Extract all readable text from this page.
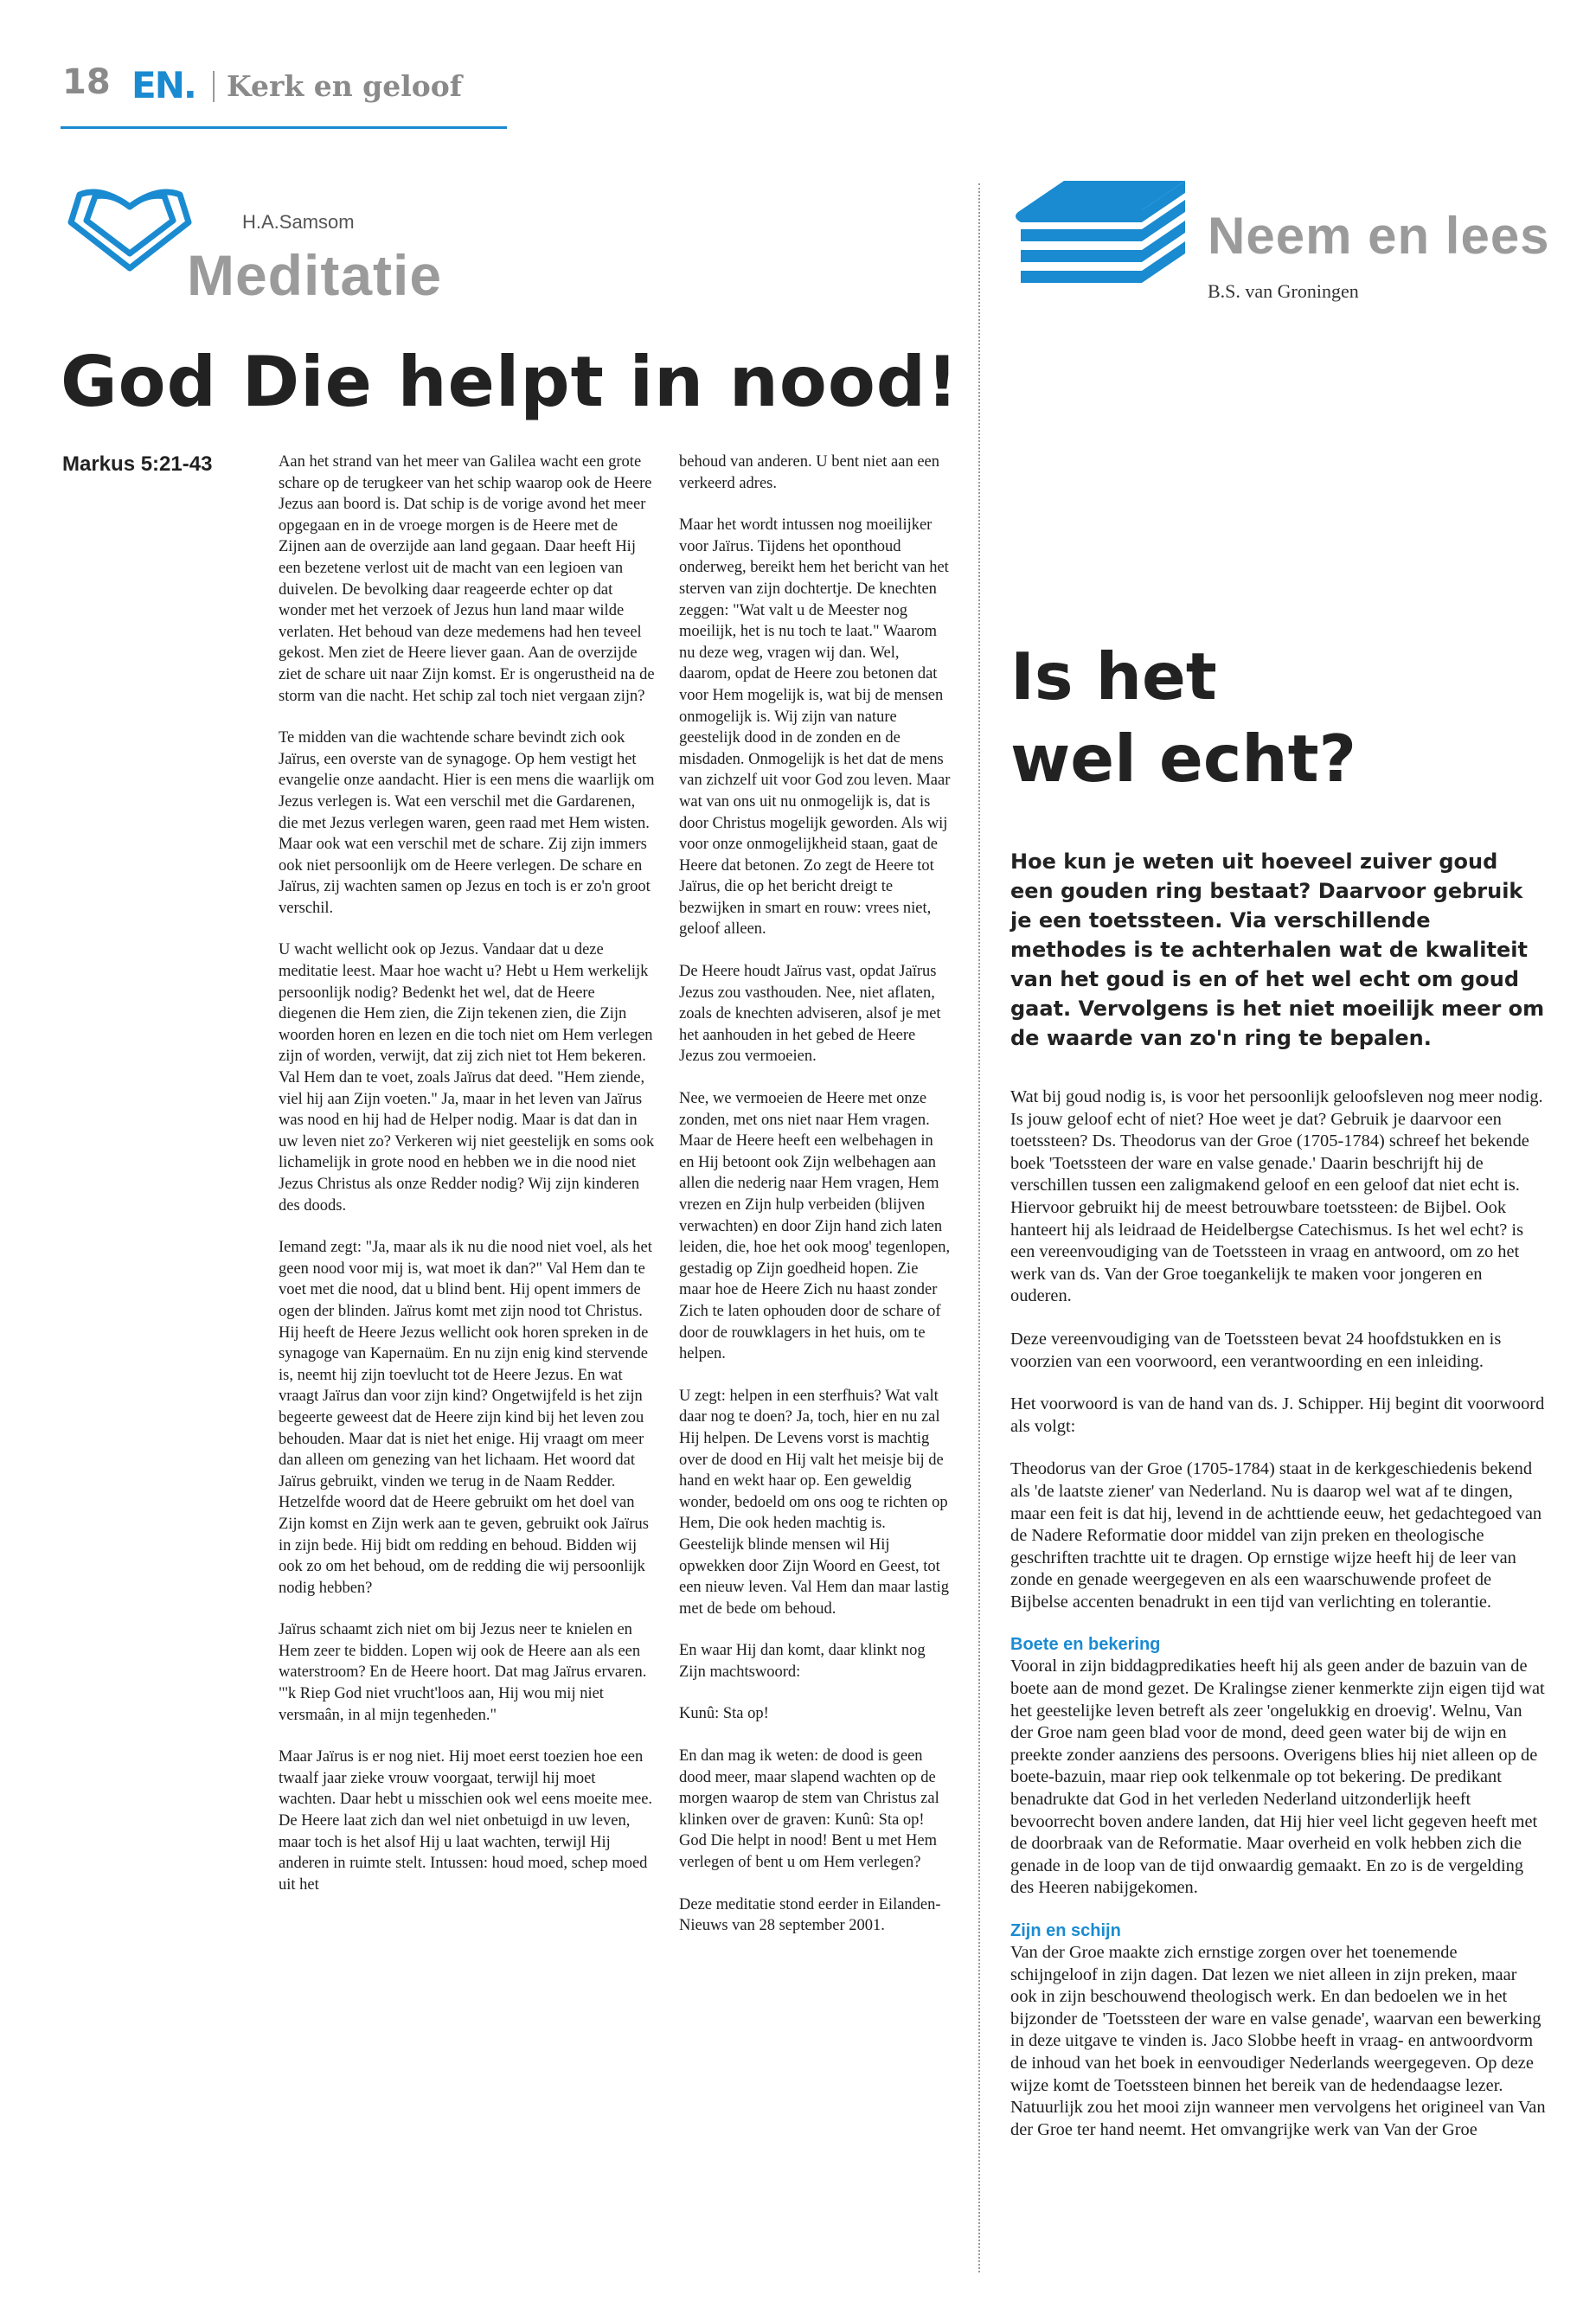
18 EN. Kerk en geloof
H.A.Samsom
Meditatie
God Die helpt in nood!
Markus 5:21-43	Aan het strand van het meer van Galilea wacht een grote schare op de terugkeer van het schip waarop ook de Heere Jezus aan boord is. Dat schip is de vorige avond het meer opgegaan en in de vroege morgen is de Heere met de Zijnen aan de overzijde aan land gegaan. Daar heeft Hij een bezetene verlost uit de macht van een legioen van duivelen. De bevolking daar reageerde echter op dat wonder met het verzoek of Jezus hun land maar wilde verlaten. Het behoud van deze medemens had hen teveel gekost. Men ziet de Heere liever gaan. Aan de overzijde ziet de schare uit naar Zijn komst. Er is ongerustheid na de storm van die nacht. Het schip zal toch niet vergaan zijn?

Te midden van die wachtende schare bevindt zich ook Jaïrus, een overste van de synagoge. Op hem vestigt het evangelie onze aandacht. Hier is een mens die waarlijk om Jezus verlegen is. Wat een verschil met die Gardarenen, die met Jezus verlegen waren, geen raad met Hem wisten. Maar ook wat een verschil met de schare. Zij zijn immers ook niet persoonlijk om de Heere verlegen. De schare en Jaïrus, zij wachten samen op Jezus en toch is er zo'n groot verschil.

U wacht wellicht ook op Jezus. Vandaar dat u deze meditatie leest. Maar hoe wacht u? Hebt u Hem werkelijk persoonlijk nodig? Bedenkt het wel, dat de Heere diegenen die Hem zien, die Zijn tekenen zien, die Zijn woorden horen en lezen en die toch niet om Hem verlegen zijn of worden, verwijt, dat zij zich niet tot Hem bekeren. Val Hem dan te voet, zoals Jaïrus dat deed. "Hem ziende, viel hij aan Zijn voeten." Ja, maar in het leven van Jaïrus was nood en hij had de Helper nodig. Maar is dat dan in uw leven niet zo? Verkeren wij niet geestelijk en soms ook lichamelijk in grote nood en hebben we in die nood niet Jezus Christus als onze Redder nodig? Wij zijn kinderen des doods.

Iemand zegt: "Ja, maar als ik nu die nood niet voel, als het geen nood voor mij is, wat moet ik dan?" Val Hem dan te voet met die nood, dat u blind bent. Hij opent immers de ogen der blinden. Jaïrus komt met zijn nood tot Christus. Hij heeft de Heere Jezus wellicht ook horen spreken in de synagoge van Kapernaüm. En nu zijn enig kind stervende is, neemt hij zijn toevlucht tot de Heere Jezus. En wat vraagt Jaïrus dan voor zijn kind? Ongetwijfeld is het zijn begeerte geweest dat de Heere zijn kind bij het leven zou behouden. Maar dat is niet het enige. Hij vraagt om meer dan alleen om genezing van het lichaam. Het woord dat Jaïrus gebruikt, vinden we terug in de Naam Redder. Hetzelfde woord dat de Heere gebruikt om het doel van Zijn komst en Zijn werk aan te geven, gebruikt ook Jaïrus in zijn bede. Hij bidt om redding en behoud. Bidden wij ook zo om het behoud, om de redding die wij persoonlijk nodig hebben?

Jaïrus schaamt zich niet om bij Jezus neer te knielen en Hem zeer te bidden. Lopen wij ook de Heere aan als een waterstroom? En de Heere hoort. Dat mag Jaïrus ervaren. "'k Riep God niet vrucht'loos aan, Hij wou mij niet versmaân, in al mijn tegenheden."

Maar Jaïrus is er nog niet. Hij moet eerst toezien hoe een twaalf jaar zieke vrouw voorgaat, terwijl hij moet wachten. Daar hebt u misschien ook wel eens moeite mee. De Heere laat zich dan wel niet onbetuigd in uw leven, maar toch is het alsof Hij u laat wachten, terwijl Hij anderen in ruimte stelt. Intussen: houd moed, schep moed uit het

behoud van anderen. U bent niet aan een verkeerd adres.

Maar het wordt intussen nog moeilijker voor Jaïrus. Tijdens het oponthoud onderweg, bereikt hem het bericht van het sterven van zijn dochtertje. De knechten zeggen: "Wat valt u de Meester nog moeilijk, het is nu toch te laat." Waarom nu deze weg, vragen wij dan. Wel, daarom, opdat de Heere zou betonen dat voor Hem mogelijk is, wat bij de mensen onmogelijk is. Wij zijn van nature geestelijk dood in de zonden en de misdaden. Onmogelijk is het dat de mens van zichzelf uit voor God zou leven. Maar wat van ons uit nu onmogelijk is, dat is door Christus mogelijk geworden. Als wij voor onze onmogelijkheid staan, gaat de Heere dat betonen. Zo zegt de Heere tot Jaïrus, die op het bericht dreigt te bezwijken in smart en rouw: vrees niet, geloof alleen.

De Heere houdt Jaïrus vast, opdat Jaïrus Jezus zou vasthouden. Nee, niet aflaten, zoals de knechten adviseren, alsof je met het aanhouden in het gebed de Heere Jezus zou vermoeien.

Nee, we vermoeien de Heere met onze zonden, met ons niet naar Hem vragen. Maar de Heere heeft een welbehagen in en Hij betoont ook Zijn welbehagen aan allen die nederig naar Hem vragen, Hem vrezen en Zijn hulp verbeiden (blijven verwachten) en door Zijn hand zich laten leiden, die, hoe het ook moog' tegenlopen, gestadig op Zijn goedheid hopen. Zie maar hoe de Heere Zich nu haast zonder Zich te laten ophouden door de schare of door de rouwklagers in het huis, om te helpen.

U zegt: helpen in een sterfhuis? Wat valt daar nog te doen? Ja, toch, hier en nu zal Hij helpen. De Levens vorst is machtig over de dood en Hij valt het meisje bij de hand en wekt haar op. Een geweldig wonder, bedoeld om ons oog te richten op Hem, Die ook heden machtig is. Geestelijk blinde mensen wil Hij opwekken door Zijn Woord en Geest, tot een nieuw leven. Val Hem dan maar lastig met de bede om behoud.

En waar Hij dan komt, daar klinkt nog Zijn machtswoord:

Kunû: Sta op!

En dan mag ik weten: de dood is geen dood meer, maar slapend wachten op de morgen waarop de stem van Christus zal klinken over de graven: Kunû: Sta op! God Die helpt in nood! Bent u met Hem verlegen of bent u om Hem verlegen?

Deze meditatie stond eerder in Eilanden-Nieuws van 28 september 2001.

Neem en lees
B.S. van Groningen
Is het
wel echt?
Hoe kun je weten uit hoeveel zuiver goud een gouden ring bestaat? Daarvoor gebruik je een toetssteen. Via verschillende methodes is te achterhalen wat de kwaliteit van het goud is en of het wel echt om goud gaat. Vervolgens is het niet moeilijk meer om de waarde van zo'n ring te bepalen.

Wat bij goud nodig is, is voor het persoonlijk geloofsleven nog meer nodig. Is jouw geloof echt of niet? Hoe weet je dat? Gebruik je daarvoor een toetssteen? Ds. Theodorus van der Groe (1705-1784) schreef het bekende boek 'Toetssteen der ware en valse genade.' Daarin beschrijft hij de verschillen tussen een zaligmakend geloof en een geloof dat niet echt is. Hiervoor gebruikt hij de meest betrouwbare toetssteen: de Bijbel. Ook hanteert hij als leidraad de Heidelbergse Catechismus. Is het wel echt? is een vereenvoudiging van de Toetssteen in vraag en antwoord, om zo het werk van ds. Van der Groe toegankelijk te maken voor jongeren en ouderen.

Deze vereenvoudiging van de Toetssteen bevat 24 hoofdstukken en is voorzien van een voorwoord, een verantwoording en een inleiding.

Het voorwoord is van de hand van ds. J. Schipper. Hij begint dit voorwoord als volgt:

Theodorus van der Groe (1705-1784) staat in de kerkgeschiedenis bekend als 'de laatste ziener' van Nederland. Nu is daarop wel wat af te dingen, maar een feit is dat hij, levend in de achttiende eeuw, het gedachtegoed van de Nadere Reformatie door middel van zijn preken en theologische geschriften trachtte uit te dragen. Op ernstige wijze heeft hij de leer van zonde en genade weergegeven en als een waarschuwende profeet de Bijbelse accenten benadrukt in een tijd van verlichting en tolerantie.

Boete en bekering

Vooral in zijn biddagpredikaties heeft hij als geen ander de bazuin van de boete aan de mond gezet. De Kralingse ziener kenmerkte zijn eigen tijd wat het geestelijke leven betreft als zeer 'ongelukkig en droevig'. Welnu, Van der Groe nam geen blad voor de mond, deed geen water bij de wijn en preekte zonder aanziens des persoons. Overigens blies hij niet alleen op de boete-bazuin, maar riep ook telkenmale op tot bekering. De predikant benadrukte dat God in het verleden Nederland uitzonderlijk heeft bevoorrecht boven andere landen, dat Hij hier veel licht gegeven heeft met de doorbraak van de Reformatie. Maar overheid en volk hebben zich die genade in de loop van de tijd onwaardig gemaakt. En zo is de vergelding des Heeren nabijgekomen.

Zijn en schijn

Van der Groe maakte zich ernstige zorgen over het toenemende schijngeloof in zijn dagen. Dat lezen we niet alleen in zijn preken, maar ook in zijn beschouwend theologisch werk. En dan bedoelen we in het bijzonder de 'Toetssteen der ware en valse genade', waarvan een bewerking in deze uitgave te vinden is. Jaco Slobbe heeft in vraag- en antwoordvorm de inhoud van het boek in eenvoudiger Nederlands weergegeven. Op deze wijze komt de Toetssteen binnen het bereik van de hedendaagse lezer. Natuurlijk zou het mooi zijn wanneer men vervolgens het origineel van Van der Groe ter hand neemt. Het omvangrijke werk van Van der Groe
